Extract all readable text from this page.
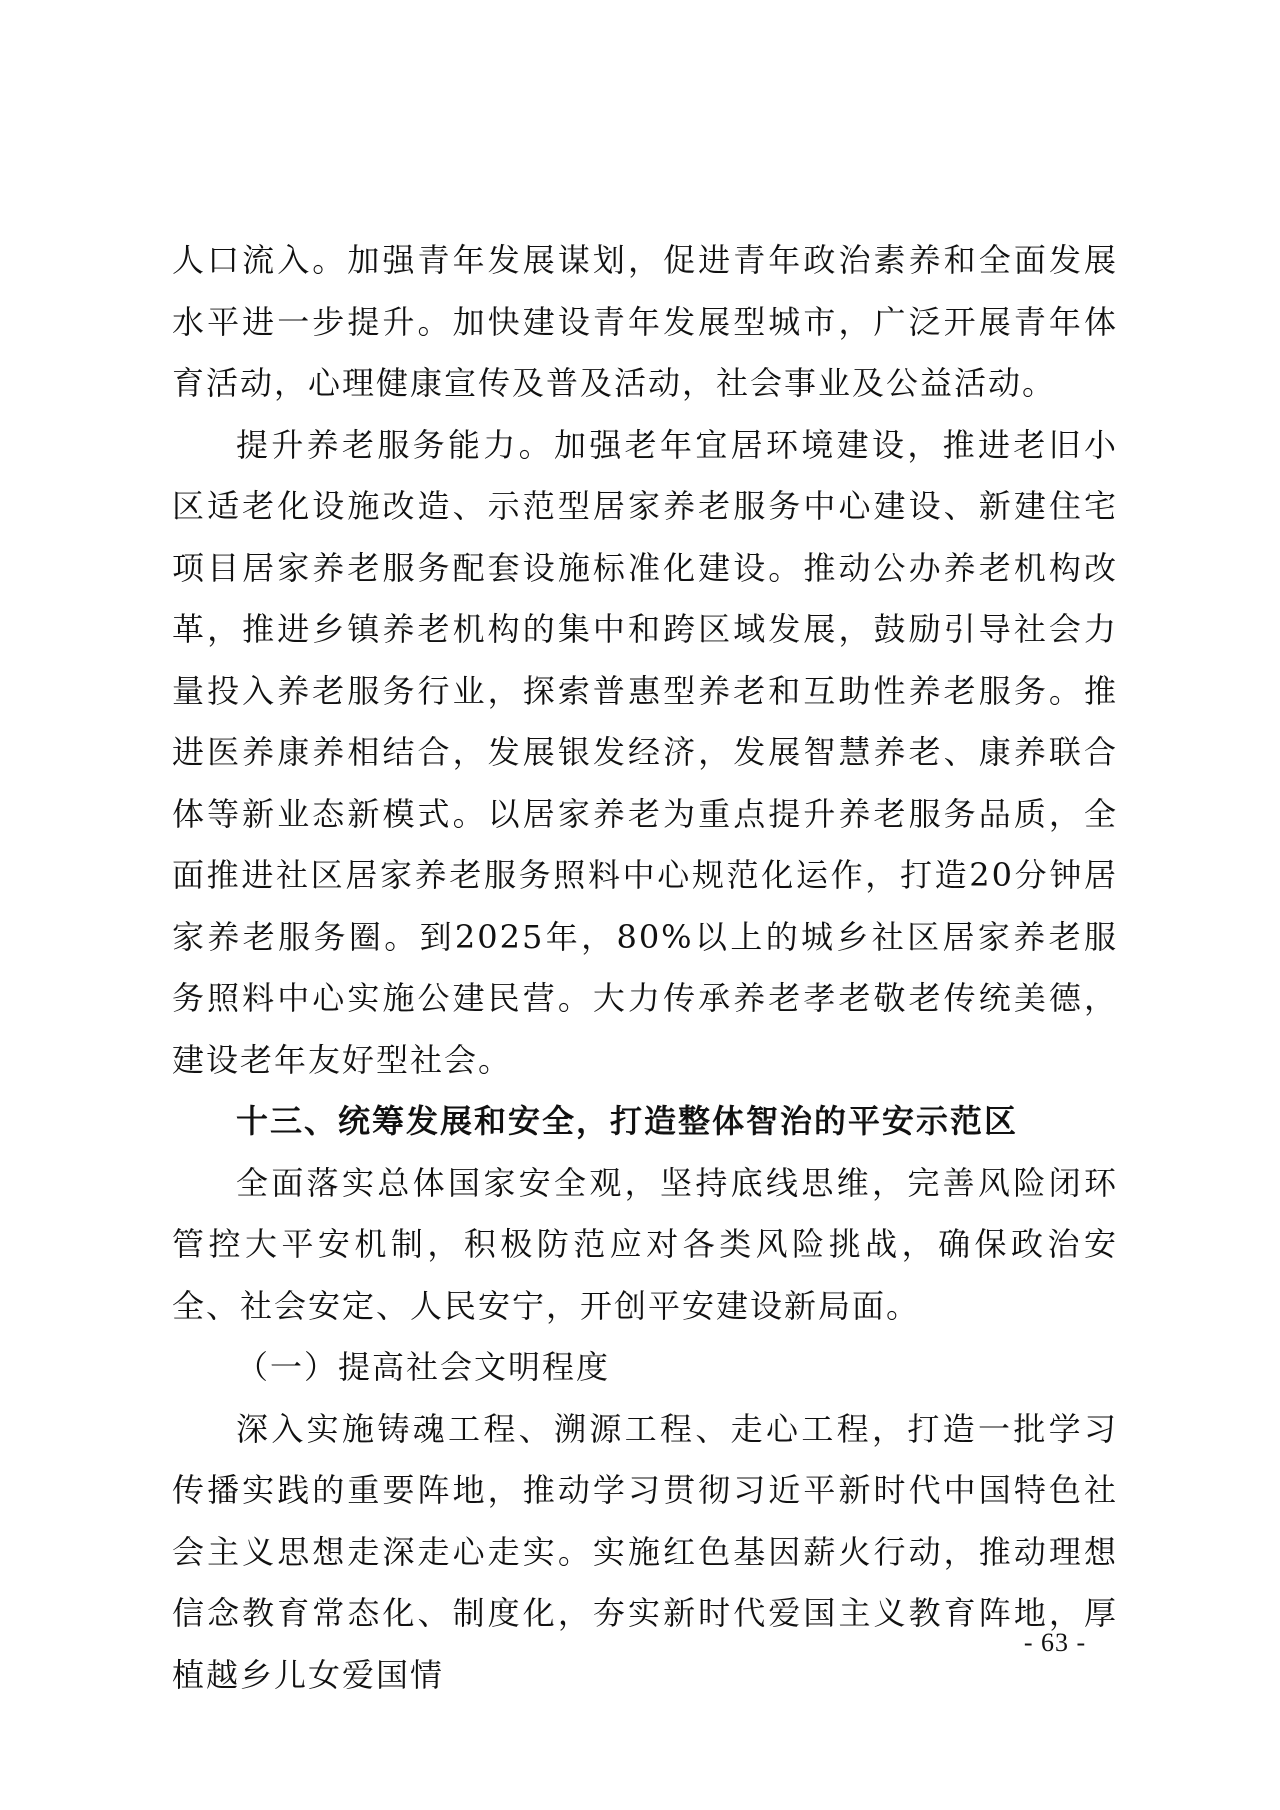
人口流入。加强青年发展谋划，促进青年政治素养和全面发展水平进一步提升。加快建设青年发展型城市，广泛开展青年体育活动，心理健康宣传及普及活动，社会事业及公益活动。

提升养老服务能力。加强老年宜居环境建设，推进老旧小区适老化设施改造、示范型居家养老服务中心建设、新建住宅项目居家养老服务配套设施标准化建设。推动公办养老机构改革，推进乡镇养老机构的集中和跨区域发展，鼓励引导社会力量投入养老服务行业，探索普惠型养老和互助性养老服务。推进医养康养相结合，发展银发经济，发展智慧养老、康养联合体等新业态新模式。以居家养老为重点提升养老服务品质，全面推进社区居家养老服务照料中心规范化运作，打造20分钟居家养老服务圈。到2025年，80%以上的城乡社区居家养老服务照料中心实施公建民营。大力传承养老孝老敬老传统美德，建设老年友好型社会。

十三、统筹发展和安全，打造整体智治的平安示范区

全面落实总体国家安全观，坚持底线思维，完善风险闭环管控大平安机制，积极防范应对各类风险挑战，确保政治安全、社会安定、人民安宁，开创平安建设新局面。

（一）提高社会文明程度

深入实施铸魂工程、溯源工程、走心工程，打造一批学习传播实践的重要阵地，推动学习贯彻习近平新时代中国特色社会主义思想走深走心走实。实施红色基因薪火行动，推动理想信念教育常态化、制度化，夯实新时代爱国主义教育阵地，厚植越乡儿女爱国情

- 63 -
